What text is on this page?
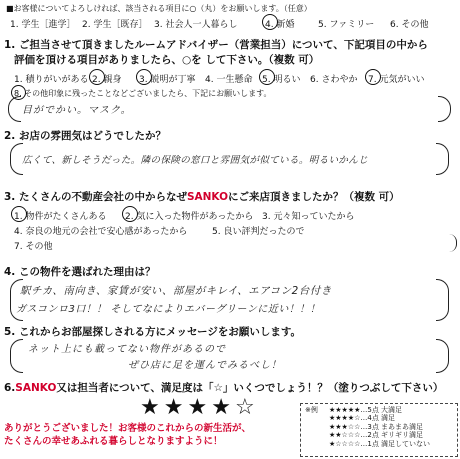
■お客様についてよろしければ、該当される項目に○（丸）をお願いします。（任意）
1. 学生［進学］ 2. 学生［既存］ 3. 社会人一人暮らし	4. 新婚	5. ファミリー 6. その他
1. ご担当させて頂きましたルームアドバイザー（営業担当）について、下記項目の中から
評価を頂ける項目がありましたら、○を して下さい。（複数 可）
1. 積りがいがある 2. 親身 3. 説明が丁寧 4. 一生懸命 5. 明るい 6. さわやか 7. 元気がいい
8. その他印象に残ったことなどございましたら、下記にお願いします。
目がでかい。マスク。
2. お店の雰囲気はどうでしたか？
広くて、新しそうだった。隣の保険の窓口と雰囲気が似ている。明るいかんじ
3. たくさんの不動産会社の中からなぜSANKOにご来店頂きましたか？（複数 可）
1. 物件がたくさんある 2. 気に入った物件があったから 3. 元々知っていたから
4. 奈良の地元の会社で安心感があったから	5. 良い評判だったので
7. その他
4. この物件を選ばれた理由は？
駅チカ、南向き、家賃が安い、部屋がキレイ、エアコン2台付き
ガスコンロ3口！！ そしてなによりエバーグリーンに近い！！！
5. これからお部屋探しされる方にメッセージをお願いします。
ネット上にも載ってない物件があるので
ぜひ店に足を運んでみるべし！
6.SANKO又は担当者について、満足度は「☆」いくつでしょう！？（塗りつぶして下さい）
★★★★☆
ありがとうございました！お客様のこれからの新生活が、
たくさんの幸せあふれる暮らしとなりますように！
※例 ★★★★★…5点 大満足
★★★★☆…4点 満足
★★★☆☆…3点 まあまあ満足
★★☆☆☆…2点 ギリギリ満足
★☆☆☆☆…1点 満足していない
